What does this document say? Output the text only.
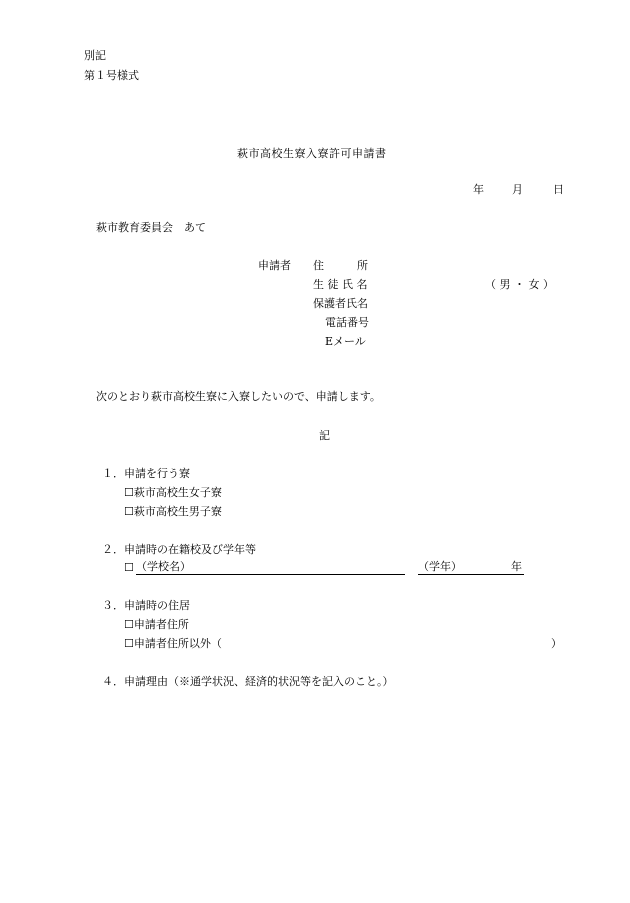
別記
第１号様式
萩市高校生寮入寮許可申請書
年	月	日
萩市教育委員会　あて
申請者 住　　　所
生 徒 氏 名	（ 男 ・ 女 ）
保護者氏名
電話番号
Eメール
次のとおり萩市高校生寮に入寮したいので、申請します。
記
１．申請を行う寮
☐萩市高校生女子寮
☐萩市高校生男子寮
２．申請時の在籍校及び学年等
☐ （学校名）	（学年）	年
３．申請時の住居
☐申請者住所
☐申請者住所以外（	）
４．申請理由（※通学状況、経済的状況等を記入のこと。）
